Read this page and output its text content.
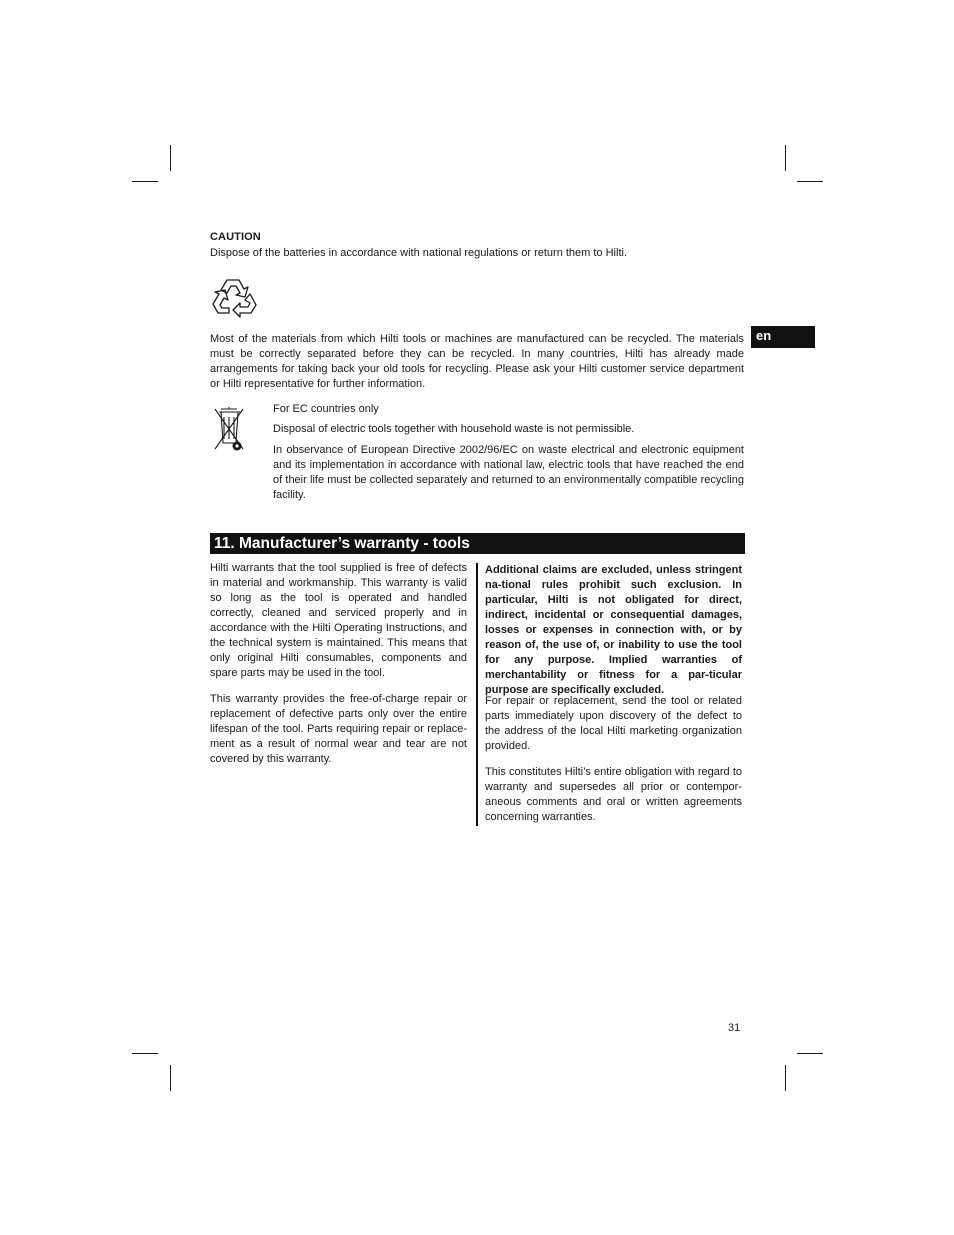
CAUTION
Dispose of the batteries in accordance with national regulations or return them to Hilti.
Most of the materials from which Hilti tools or machines are manufactured can be recycled. The materials must be correctly separated before they can be recycled. In many countries, Hilti has already made arrangements for taking back your old tools for recycling. Please ask your Hilti customer service department or Hilti representative for further information.
en
For EC countries only
Disposal of electric tools together with household waste is not permissible.
In observance of European Directive 2002/96/EC on waste electrical and electronic equipment and its implementation in accordance with national law, electric tools that have reached the end of their life must be collected separately and returned to an environmentally compatible recycling facility.
11. Manufacturer’s warranty - tools
Hilti warrants that the tool supplied is free of defects in material and workmanship. This warranty is valid so long as the tool is operated and handled correctly, cleaned and serviced properly and in accordance with the Hilti Operating Instructions, and the technical system is maintained. This means that only original Hilti consumables, components and spare parts may be used in the tool.
This warranty provides the free-of-charge repair or replacement of defective parts only over the entire lifespan of the tool. Parts requiring repair or replace-ment as a result of normal wear and tear are not covered by this warranty.
Additional claims are excluded, unless stringent na-tional rules prohibit such exclusion. In particular, Hilti is not obligated for direct, indirect, incidental or consequential damages, losses or expenses in connection with, or by reason of, the use of, or inability to use the tool for any purpose. Implied warranties of merchantability or fitness for a par-ticular purpose are specifically excluded.
For repair or replacement, send the tool or related parts immediately upon discovery of the defect to the address of the local Hilti marketing organization provided.
This constitutes Hilti’s entire obligation with regard to warranty and supersedes all prior or contempor-aneous comments and oral or written agreements concerning warranties.
31
